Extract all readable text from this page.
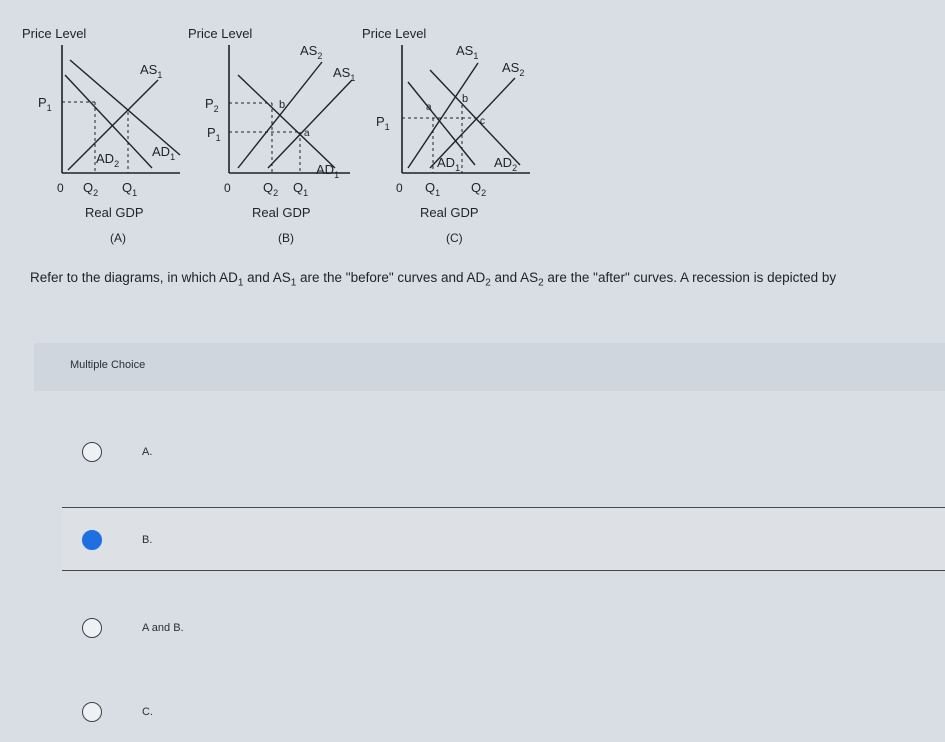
Price Level
$AS_1$
$P_1$
$AD_2$
$AD_1$
0 $Q_2$ $Q_1$
Real GDP
(A)
Price Level
$AS_2$
$AS_1$
$P_2$
$P_1$
b
a
$AD_1$
0 $Q_2$ $Q_1$
Real GDP
(B)
Price Level
$AS_1$
$AS_2$
b
a
c
$P_1$
$AD_1$	$AD_2$
0 $Q_1$ $Q_2$
Real GDP
(C)
Refer to the diagrams, in which $AD_1$ and $AS_1$ are the "before" curves and $AD_2$ and $AS_2$ are the "after" curves. A recession is depicted by
Multiple Choice
A.
B.
A and B.
C.
